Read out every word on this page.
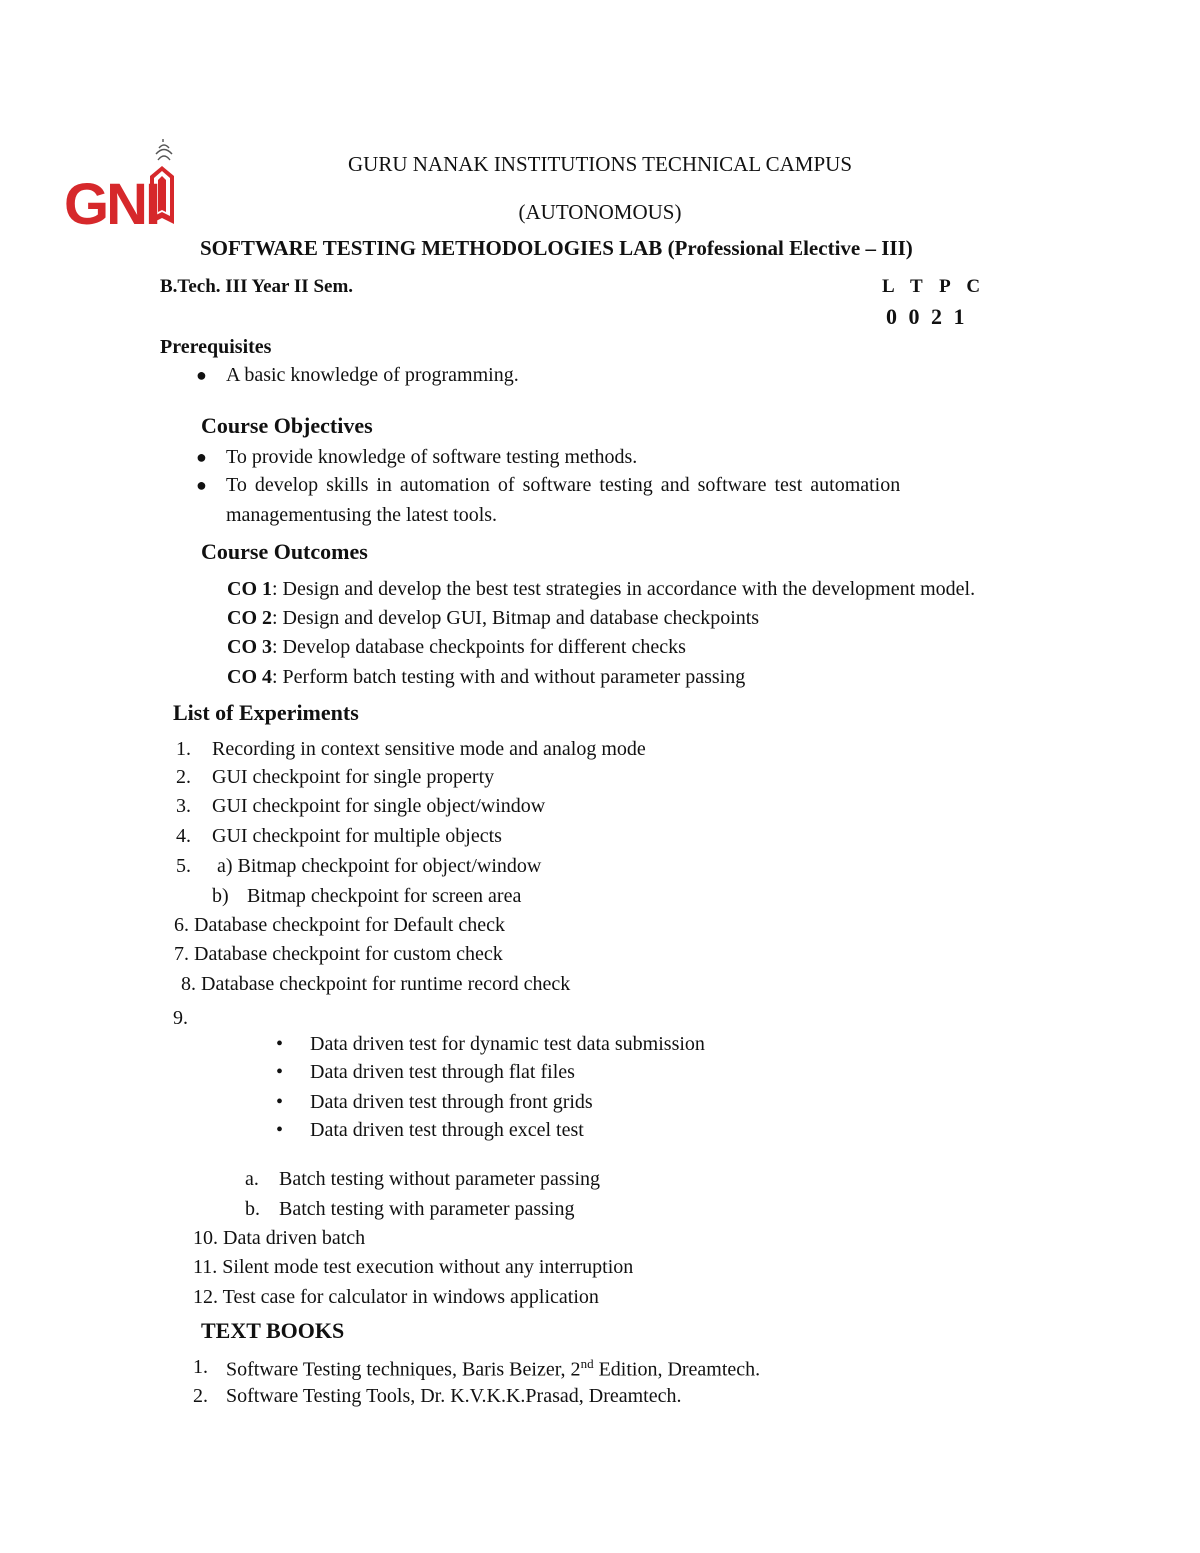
GNI
GURU NANAK INSTITUTIONS TECHNICAL CAMPUS
(AUTONOMOUS)
SOFTWARE TESTING METHODOLOGIES LAB (Professional Elective – III)
B.Tech. III Year II Sem.	L T P C
0 0 2 1
Prerequisites
● A basic knowledge of programming.
Course Objectives
● To provide knowledge of software testing methods.
● To develop skills in automation of software testing and software test automation
managementusing the latest tools.
Course Outcomes
CO 1: Design and develop the best test strategies in accordance with the development model.
CO 2: Design and develop GUI, Bitmap and database checkpoints
CO 3: Develop database checkpoints for different checks
CO 4: Perform batch testing with and without parameter passing
List of Experiments
1. Recording in context sensitive mode and analog mode
2. GUI checkpoint for single property
3. GUI checkpoint for single object/window
4. GUI checkpoint for multiple objects
5. a) Bitmap checkpoint for object/window
b) Bitmap checkpoint for screen area
6. Database checkpoint for Default check
7. Database checkpoint for custom check
8. Database checkpoint for runtime record check
9.
• Data driven test for dynamic test data submission
• Data driven test through flat files
• Data driven test through front grids
• Data driven test through excel test
a. Batch testing without parameter passing
b. Batch testing with parameter passing
10. Data driven batch
11. Silent mode test execution without any interruption
12. Test case for calculator in windows application
TEXT BOOKS
1. Software Testing techniques, Baris Beizer, 2nd Edition, Dreamtech.
2. Software Testing Tools, Dr. K.V.K.K.Prasad, Dreamtech.
